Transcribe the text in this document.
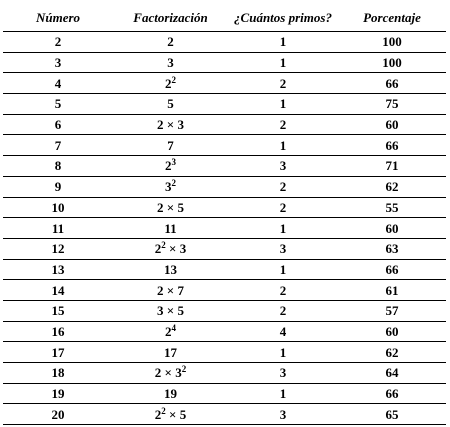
Número	Factorización	¿Cuántos primos?	Porcentaje
2	2	1	100
3	3	1	100
4	$2^2$	2	66
5	5	1	75
6	2 × 3	2	60
7	7	1	66
8	$2^3$	3	71
9	$3^2$	2	62
10	2 × 5	2	55
11	11	1	60
12	$2^2 \times 3$	3	63
13	13	1	66
14	2 × 7	2	61
15	3 × 5	2	57
16	$2^4$	4	60
17	17	1	62
18	$2 \times 3^2$	3	64
19	19	1	66
20	$2^2 \times 5$	3	65
